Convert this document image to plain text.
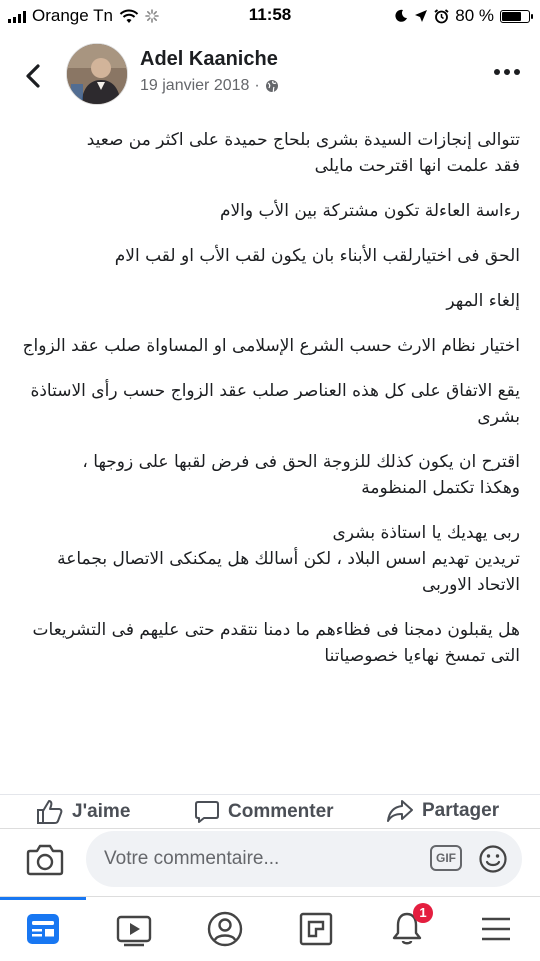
Orange Tn	11:58	80 %
Adel Kaaniche
19 janvier 2018 ·

تتوالى إنجازات السيدة بشرى بلحاج حميدة على اكثر من صعيد
فقد علمت انها اقترحت مايلى

رءاسة العاءلة تكون مشتركة بين الأب والام

الحق فى اختيارلقب الأبناء بان يكون لقب الأب او لقب الام

إلغاء المهر

اختيار نظام الارث حسب الشرع الإسلامى او المساواة صلب عقد الزواج

يقع الاتفاق على كل هذه العناصر صلب عقد الزواج حسب رأى الاستاذة بشرى

اقترح ان يكون كذلك للزوجة الحق فى فرض لقبها على زوجها ،
وهكذا تكتمل المنظومة

ربى يهديك يا استاذة بشرى
تريدين تهديم اسس البلاد ، لكن أسالك هل يمكنكى الاتصال بجماعة الاتحاد الاوربى

هل يقبلون دمجنا فى فظاءهم ما دمنا نتقدم حتى عليهم فى التشريعات التى تمسخ نهاءيا خصوصياتنا

J'aime	Commenter	Partager
Votre commentaire...	GIF
1
